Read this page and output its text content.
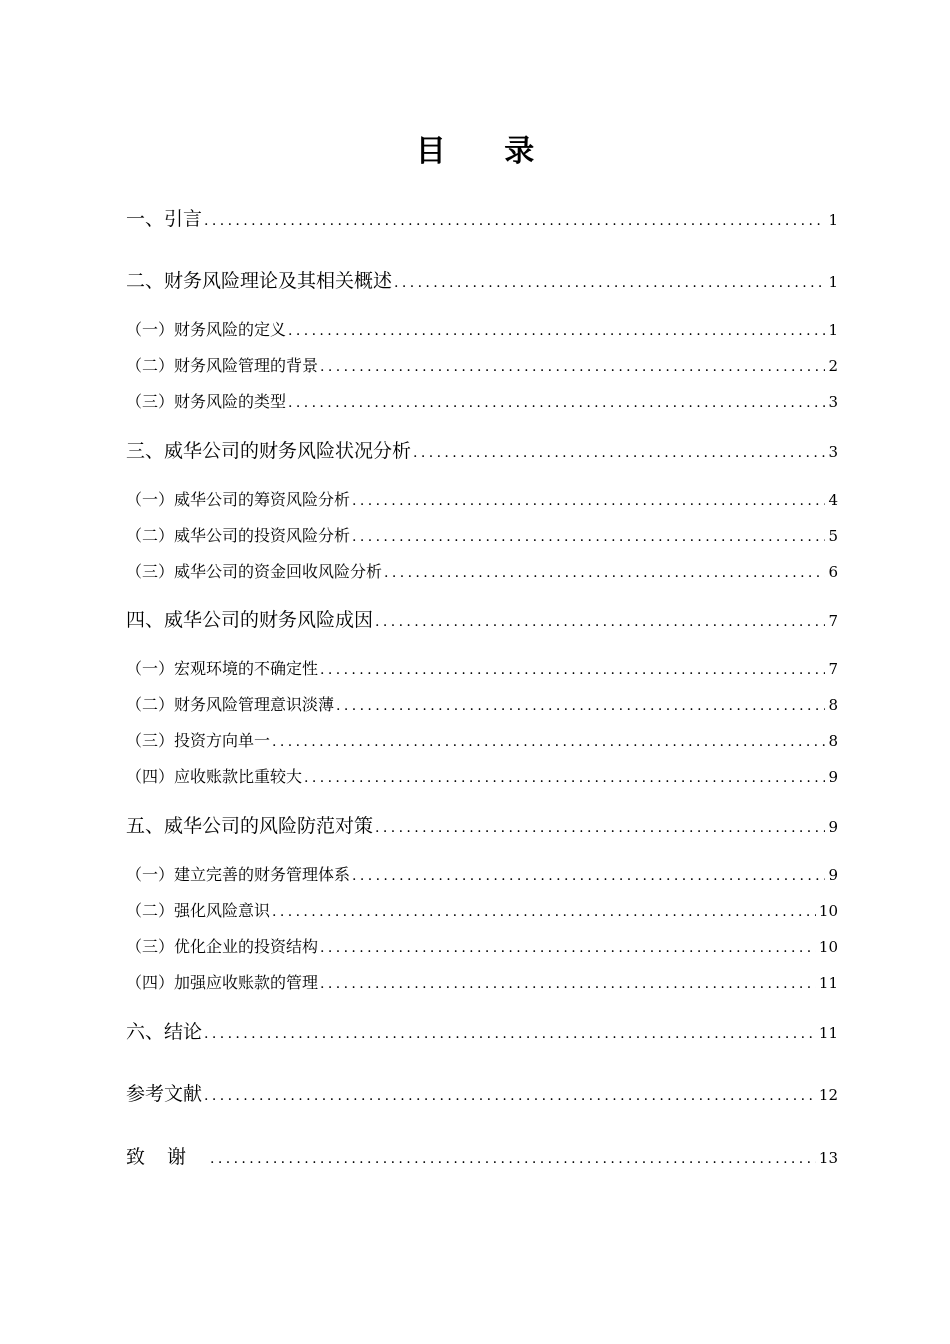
目 录
一、引言 .....	1
二、财务风险理论及其相关概述 .....	1
（一）财务风险的定义 .....	1
（二）财务风险管理的背景 .....	2
（三）财务风险的类型 .....	3
三、威华公司的财务风险状况分析 .....	3
（一）威华公司的筹资风险分析 .....	4
（二）威华公司的投资风险分析 .....	5
（三）威华公司的资金回收风险分析 .....	6
四、威华公司的财务风险成因 .....	7
（一）宏观环境的不确定性 .....	7
（二）财务风险管理意识淡薄 .....	8
（三）投资方向单一 .....	8
（四）应收账款比重较大 .....	9
五、威华公司的风险防范对策 .....	9
（一）建立完善的财务管理体系 .....	9
（二）强化风险意识 .....	10
（三）优化企业的投资结构 .....	10
（四）加强应收账款的管理 .....	11
六、结论 .....	11
参考文献 .....	12
致谢 .....	13
